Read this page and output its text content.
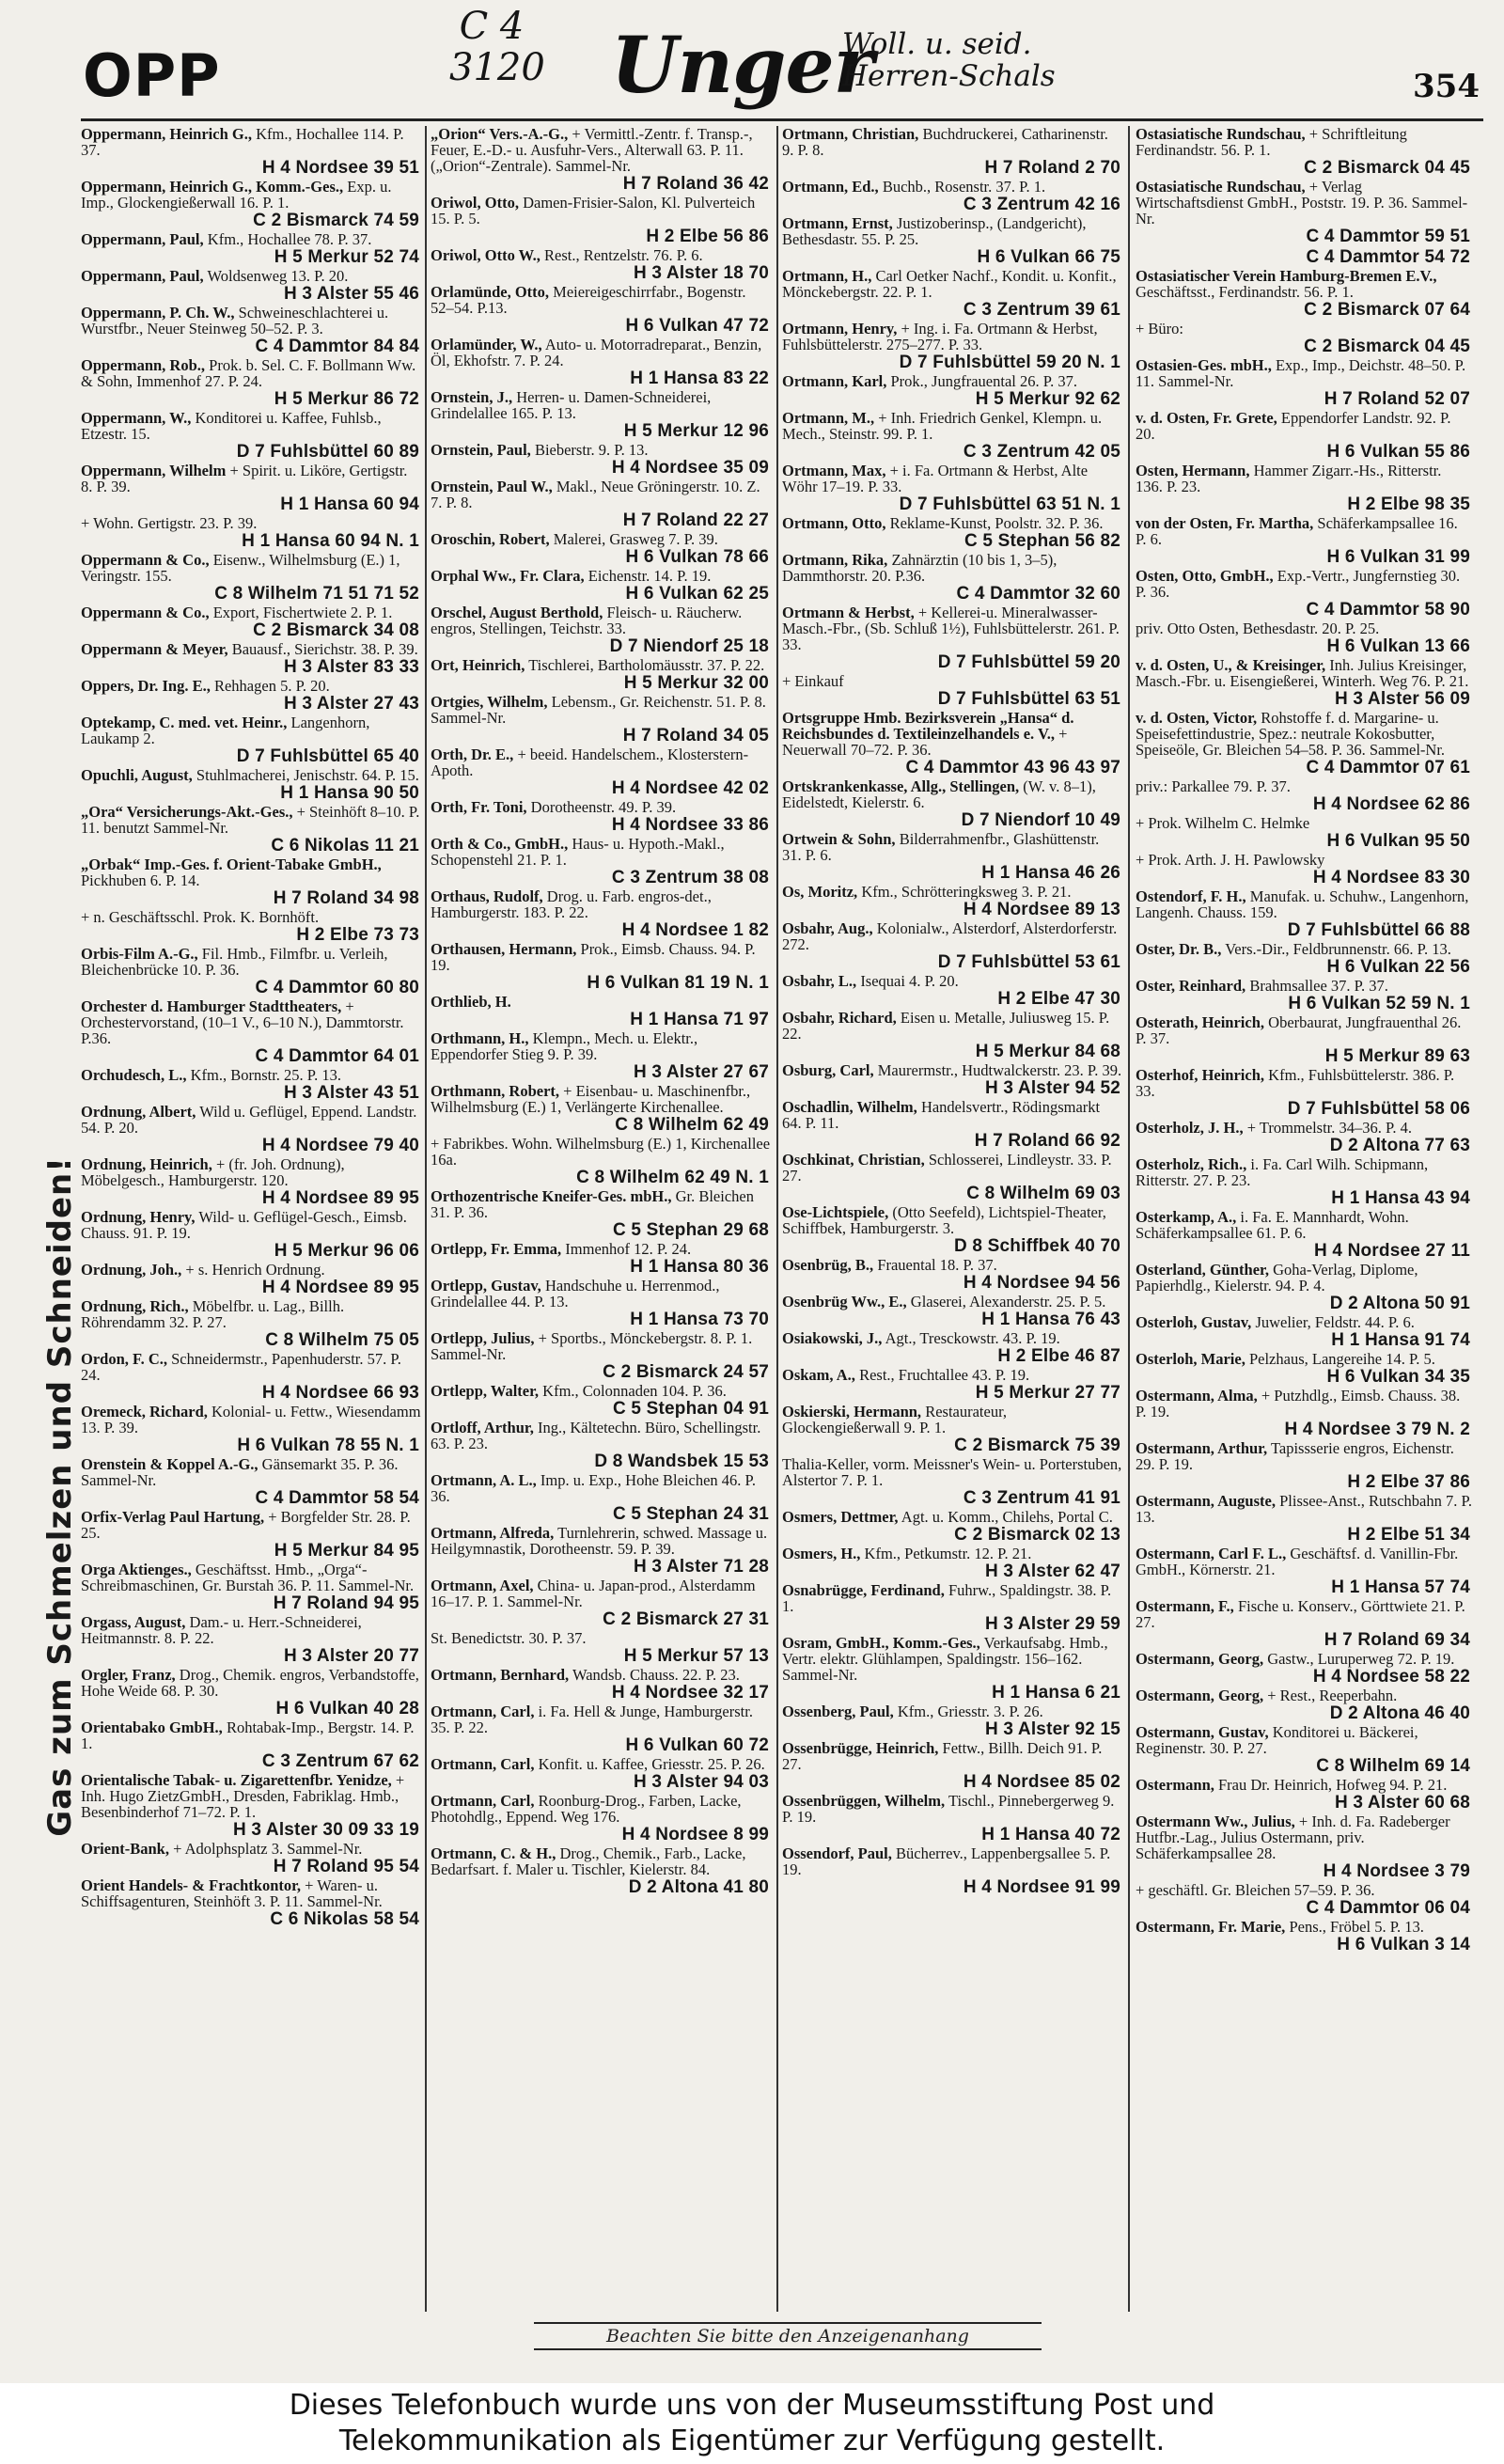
OPP
C 4
3120 Unger
Woll. u. seid.
Herren-Schals	354
Gas zum Schmelzen und Schneiden!
Oppermann, Heinrich G., Kfm., Hochallee 114. P. 37.
H 4 Nordsee 39 51
Oppermann, Heinrich G., Komm.-Ges., Exp. u. Imp., Glockengießerwall 16. P. 1.
C 2 Bismarck 74 59
Oppermann, Paul, Kfm., Hochallee 78. P. 37.
H 5 Merkur 52 74
Oppermann, Paul, Woldsenweg 13. P. 20.
H 3 Alster 55 46
Oppermann, P. Ch. W., Schweineschlachterei u. Wurstfbr., Neuer Steinweg 50–52. P. 3.
C 4 Dammtor 84 84
Oppermann, Rob., Prok. b. Sel. C. F. Bollmann Ww. & Sohn, Immenhof 27. P. 24.
H 5 Merkur 86 72
Oppermann, W., Konditorei u. Kaffee, Fuhlsb., Etzestr. 15.
D 7 Fuhlsbüttel 60 89
Oppermann, Wilhelm + Spirit. u. Liköre, Gertigstr. 8. P. 39.
H 1 Hansa 60 94
+ Wohn. Gertigstr. 23. P. 39.
H 1 Hansa 60 94 N. 1
Oppermann & Co., Eisenw., Wilhelmsburg (E.) 1, Veringstr. 155.
C 8 Wilhelm 71 51 71 52
Oppermann & Co., Export, Fischertwiete 2. P. 1.
C 2 Bismarck 34 08
Oppermann & Meyer, Bauausf., Sierichstr. 38. P. 39.
H 3 Alster 83 33
Oppers, Dr. Ing. E., Rehhagen 5. P. 20.
H 3 Alster 27 43
Optekamp, C. med. vet. Heinr., Langenhorn, Laukamp 2.
D 7 Fuhlsbüttel 65 40
Opuchli, August, Stuhlmacherei, Jenischstr. 64. P. 15.
H 1 Hansa 90 50
„Ora“ Versicherungs-Akt.-Ges., + Steinhöft 8–10. P. 11. benutzt Sammel-Nr.
C 6 Nikolas 11 21
„Orbak“ Imp.-Ges. f. Orient-Tabake GmbH., Pickhuben 6. P. 14.
H 7 Roland 34 98
+ n. Geschäftsschl. Prok. K. Bornhöft.
H 2 Elbe 73 73
Orbis-Film A.-G., Fil. Hmb., Filmfbr. u. Verleih, Bleichenbrücke 10. P. 36.
C 4 Dammtor 60 80
Orchester d. Hamburger Stadttheaters, + Orchestervorstand, (10–1 V., 6–10 N.), Dammtorstr. P.36.
C 4 Dammtor 64 01
Orchudesch, L., Kfm., Bornstr. 25. P. 13.
H 3 Alster 43 51
Ordnung, Albert, Wild u. Geflügel, Eppend. Landstr. 54. P. 20.
H 4 Nordsee 79 40
Ordnung, Heinrich, + (fr. Joh. Ordnung), Möbelgesch., Hamburgerstr. 120.
H 4 Nordsee 89 95
Ordnung, Henry, Wild- u. Geflügel-Gesch., Eimsb. Chauss. 91. P. 19.
H 5 Merkur 96 06
Ordnung, Joh., + s. Henrich Ordnung.
H 4 Nordsee 89 95
Ordnung, Rich., Möbelfbr. u. Lag., Billh. Röhrendamm 32. P. 27.
C 8 Wilhelm 75 05
Ordon, F. C., Schneidermstr., Papenhuderstr. 57. P. 24.
H 4 Nordsee 66 93
Oremeck, Richard, Kolonial- u. Fettw., Wiesendamm 13. P. 39.
H 6 Vulkan 78 55 N. 1
Orenstein & Koppel A.-G., Gänsemarkt 35. P. 36. Sammel-Nr.
C 4 Dammtor 58 54
Orfix-Verlag Paul Hartung, + Borgfelder Str. 28. P. 25.
H 5 Merkur 84 95
Orga Aktienges., Geschäftsst. Hmb., „Orga“-Schreibmaschinen, Gr. Burstah 36. P. 11. Sammel-Nr.
H 7 Roland 94 95
Orgass, August, Dam.- u. Herr.-Schneiderei, Heitmannstr. 8. P. 22.
H 3 Alster 20 77
Orgler, Franz, Drog., Chemik. engros, Verbandstoffe, Hohe Weide 68. P. 30.
H 6 Vulkan 40 28
Orientabako GmbH., Rohtabak-Imp., Bergstr. 14. P. 1.
C 3 Zentrum 67 62
Orientalische Tabak- u. Zigarettenfbr. Yenidze, + Inh. Hugo ZietzGmbH., Dresden, Fabriklag. Hmb., Besenbinderhof 71–72. P. 1.
H 3 Alster 30 09 33 19
Orient-Bank, + Adolphsplatz 3. Sammel-Nr.
H 7 Roland 95 54
Orient Handels- & Frachtkontor, + Waren- u. Schiffsagenturen, Steinhöft 3. P. 11. Sammel-Nr.
C 6 Nikolas 58 54
„Orion“ Vers.-A.-G., + Vermittl.-Zentr. f. Transp.-, Feuer, E.-D.- u. Ausfuhr-Vers., Alterwall 63. P. 11. („Orion“-Zentrale). Sammel-Nr.
H 7 Roland 36 42
Oriwol, Otto, Damen-Frisier-Salon, Kl. Pulverteich 15. P. 5.
H 2 Elbe 56 86
Oriwol, Otto W., Rest., Rentzelstr. 76. P. 6.
H 3 Alster 18 70
Orlamünde, Otto, Meiereigeschirrfabr., Bogenstr. 52–54. P.13.
H 6 Vulkan 47 72
Orlamünder, W., Auto- u. Motorradreparat., Benzin, Öl, Ekhofstr. 7. P. 24.
H 1 Hansa 83 22
Ornstein, J., Herren- u. Damen-Schneiderei, Grindelallee 165. P. 13.
H 5 Merkur 12 96
Ornstein, Paul, Bieberstr. 9. P. 13.
H 4 Nordsee 35 09
Ornstein, Paul W., Makl., Neue Gröningerstr. 10. Z. 7. P. 8.
H 7 Roland 22 27
Oroschin, Robert, Malerei, Grasweg 7. P. 39.
H 6 Vulkan 78 66
Orphal Ww., Fr. Clara, Eichenstr. 14. P. 19.
H 6 Vulkan 62 25
Orschel, August Berthold, Fleisch- u. Räucherw. engros, Stellingen, Teichstr. 33.
D 7 Niendorf 25 18
Ort, Heinrich, Tischlerei, Bartholomäusstr. 37. P. 22.
H 5 Merkur 32 00
Ortgies, Wilhelm, Lebensm., Gr. Reichenstr. 51. P. 8. Sammel-Nr.
H 7 Roland 34 05
Orth, Dr. E., + beeid. Handelschem., Klosterstern-Apoth.
H 4 Nordsee 42 02
Orth, Fr. Toni, Dorotheenstr. 49. P. 39.
H 4 Nordsee 33 86
Orth & Co., GmbH., Haus- u. Hypoth.-Makl., Schopenstehl 21. P. 1.
C 3 Zentrum 38 08
Orthaus, Rudolf, Drog. u. Farb. engros-det., Hamburgerstr. 183. P. 22.
H 4 Nordsee 1 82
Orthausen, Hermann, Prok., Eimsb. Chauss. 94. P. 19.
H 6 Vulkan 81 19 N. 1
Orthlieb, H.
H 1 Hansa 71 97
Orthmann, H., Klempn., Mech. u. Elektr., Eppendorfer Stieg 9. P. 39.
H 3 Alster 27 67
Orthmann, Robert, + Eisenbau- u. Maschinenfbr., Wilhelmsburg (E.) 1, Verlängerte Kirchenallee.
C 8 Wilhelm 62 49
+ Fabrikbes. Wohn. Wilhelmsburg (E.) 1, Kirchenallee 16a.
C 8 Wilhelm 62 49 N. 1
Orthozentrische Kneifer-Ges. mbH., Gr. Bleichen 31. P. 36.
C 5 Stephan 29 68
Ortlepp, Fr. Emma, Immenhof 12. P. 24.
H 1 Hansa 80 36
Ortlepp, Gustav, Handschuhe u. Herrenmod., Grindelallee 44. P. 13.
H 1 Hansa 73 70
Ortlepp, Julius, + Sportbs., Mönckebergstr. 8. P. 1. Sammel-Nr.
C 2 Bismarck 24 57
Ortlepp, Walter, Kfm., Colonnaden 104. P. 36.
C 5 Stephan 04 91
Ortloff, Arthur, Ing., Kältetechn. Büro, Schellingstr. 63. P. 23.
D 8 Wandsbek 15 53
Ortmann, A. L., Imp. u. Exp., Hohe Bleichen 46. P. 36.
C 5 Stephan 24 31
Ortmann, Alfreda, Turnlehrerin, schwed. Massage u. Heilgymnastik, Dorotheenstr. 59. P. 39.
H 3 Alster 71 28
Ortmann, Axel, China- u. Japan-prod., Alsterdamm 16–17. P. 1. Sammel-Nr.
C 2 Bismarck 27 31
St. Benedictstr. 30. P. 37.
H 5 Merkur 57 13
Ortmann, Bernhard, Wandsb. Chauss. 22. P. 23.
H 4 Nordsee 32 17
Ortmann, Carl, i. Fa. Hell & Junge, Hamburgerstr. 35. P. 22.
H 6 Vulkan 60 72
Ortmann, Carl, Konfit. u. Kaffee, Griesstr. 25. P. 26.
H 3 Alster 94 03
Ortmann, Carl, Roonburg-Drog., Farben, Lacke, Photohdlg., Eppend. Weg 176.
H 4 Nordsee 8 99
Ortmann, C. & H., Drog., Chemik., Farb., Lacke, Bedarfsart. f. Maler u. Tischler, Kielerstr. 84.
D 2 Altona 41 80
Ortmann, Christian, Buchdruckerei, Catharinenstr. 9. P. 8.
H 7 Roland 2 70
Ortmann, Ed., Buchb., Rosenstr. 37. P. 1.
C 3 Zentrum 42 16
Ortmann, Ernst, Justizoberinsp., (Landgericht), Bethesdastr. 55. P. 25.
H 6 Vulkan 66 75
Ortmann, H., Carl Oetker Nachf., Kondit. u. Konfit., Mönckebergstr. 22. P. 1.
C 3 Zentrum 39 61
Ortmann, Henry, + Ing. i. Fa. Ortmann & Herbst, Fuhlsbüttelerstr. 275–277. P. 33.
D 7 Fuhlsbüttel 59 20 N. 1
Ortmann, Karl, Prok., Jungfrauental 26. P. 37.
H 5 Merkur 92 62
Ortmann, M., + Inh. Friedrich Genkel, Klempn. u. Mech., Steinstr. 99. P. 1.
C 3 Zentrum 42 05
Ortmann, Max, + i. Fa. Ortmann & Herbst, Alte Wöhr 17–19. P. 33.
D 7 Fuhlsbüttel 63 51 N. 1
Ortmann, Otto, Reklame-Kunst, Poolstr. 32. P. 36.
C 5 Stephan 56 82
Ortmann, Rika, Zahnärztin (10 bis 1, 3–5), Dammthorstr. 20. P.36.
C 4 Dammtor 32 60
Ortmann & Herbst, + Kellerei-u. Mineralwasser-Masch.-Fbr., (Sb. Schluß 1½), Fuhlsbüttelerstr. 261. P. 33.
D 7 Fuhlsbüttel 59 20
+ Einkauf
D 7 Fuhlsbüttel 63 51
Ortsgruppe Hmb. Bezirksverein „Hansa“ d. Reichsbundes d. Textileinzelhandels e. V., + Neuerwall 70–72. P. 36.
C 4 Dammtor 43 96 43 97
Ortskrankenkasse, Allg., Stellingen, (W. v. 8–1), Eidelstedt, Kielerstr. 6.
D 7 Niendorf 10 49
Ortwein & Sohn, Bilderrahmenfbr., Glashüttenstr. 31. P. 6.
H 1 Hansa 46 26
Os, Moritz, Kfm., Schrötteringksweg 3. P. 21.
H 4 Nordsee 89 13
Osbahr, Aug., Kolonialw., Alsterdorf, Alsterdorferstr. 272.
D 7 Fuhlsbüttel 53 61
Osbahr, L., Isequai 4. P. 20.
H 2 Elbe 47 30
Osbahr, Richard, Eisen u. Metalle, Juliusweg 15. P. 22.
H 5 Merkur 84 68
Osburg, Carl, Maurermstr., Hudtwalckerstr. 23. P. 39.
H 3 Alster 94 52
Oschadlin, Wilhelm, Handelsvertr., Rödingsmarkt 64. P. 11.
H 7 Roland 66 92
Oschkinat, Christian, Schlosserei, Lindleystr. 33. P. 27.
C 8 Wilhelm 69 03
Ose-Lichtspiele, (Otto Seefeld), Lichtspiel-Theater, Schiffbek, Hamburgerstr. 3.
D 8 Schiffbek 40 70
Osenbrüg, B., Frauental 18. P. 37.
H 4 Nordsee 94 56
Osenbrüg Ww., E., Glaserei, Alexanderstr. 25. P. 5.
H 1 Hansa 76 43
Osiakowski, J., Agt., Tresckowstr. 43. P. 19.
H 2 Elbe 46 87
Oskam, A., Rest., Fruchtallee 43. P. 19.
H 5 Merkur 27 77
Oskierski, Hermann, Restaurateur, Glockengießerwall 9. P. 1.
C 2 Bismarck 75 39
Thalia-Keller, vorm. Meissner's Wein- u. Porterstuben, Alstertor 7. P. 1.
C 3 Zentrum 41 91
Osmers, Dettmer, Agt. u. Komm., Chilehs, Portal C.
C 2 Bismarck 02 13
Osmers, H., Kfm., Petkumstr. 12. P. 21.
H 3 Alster 62 47
Osnabrügge, Ferdinand, Fuhrw., Spaldingstr. 38. P. 1.
H 3 Alster 29 59
Osram, GmbH., Komm.-Ges., Verkaufsabg. Hmb., Vertr. elektr. Glühlampen, Spaldingstr. 156–162. Sammel-Nr.
H 1 Hansa 6 21
Ossenberg, Paul, Kfm., Griesstr. 3. P. 26.
H 3 Alster 92 15
Ossenbrügge, Heinrich, Fettw., Billh. Deich 91. P. 27.
H 4 Nordsee 85 02
Ossenbrüggen, Wilhelm, Tischl., Pinnebergerweg 9. P. 19.
H 1 Hansa 40 72
Ossendorf, Paul, Bücherrev., Lappenbergsallee 5. P. 19.
H 4 Nordsee 91 99
Ostasiatische Rundschau, + Schriftleitung Ferdinandstr. 56. P. 1.
C 2 Bismarck 04 45
Ostasiatische Rundschau, + Verlag Wirtschaftsdienst GmbH., Poststr. 19. P. 36. Sammel-Nr.
C 4 Dammtor 59 51
C 4 Dammtor 54 72
Ostasiatischer Verein Hamburg-Bremen E.V., Geschäftsst., Ferdinandstr. 56. P. 1.
C 2 Bismarck 07 64
+ Büro:
C 2 Bismarck 04 45
Ostasien-Ges. mbH., Exp., Imp., Deichstr. 48–50. P. 11. Sammel-Nr.
H 7 Roland 52 07
v. d. Osten, Fr. Grete, Eppendorfer Landstr. 92. P. 20.
H 6 Vulkan 55 86
Osten, Hermann, Hammer Zigarr.-Hs., Ritterstr. 136. P. 23.
H 2 Elbe 98 35
von der Osten, Fr. Martha, Schäferkampsallee 16. P. 6.
H 6 Vulkan 31 99
Osten, Otto, GmbH., Exp.-Vertr., Jungfernstieg 30. P. 36.
C 4 Dammtor 58 90
priv. Otto Osten, Bethesdastr. 20. P. 25.
H 6 Vulkan 13 66
v. d. Osten, U., & Kreisinger, Inh. Julius Kreisinger, Masch.-Fbr. u. Eisengießerei, Winterh. Weg 76. P. 21.
H 3 Alster 56 09
v. d. Osten, Victor, Rohstoffe f. d. Margarine- u. Speisefettindustrie, Spez.: neutrale Kokosbutter, Speiseöle, Gr. Bleichen 54–58. P. 36. Sammel-Nr.
C 4 Dammtor 07 61
priv.: Parkallee 79. P. 37.
H 4 Nordsee 62 86
+ Prok. Wilhelm C. Helmke
H 6 Vulkan 95 50
+ Prok. Arth. J. H. Pawlowsky
H 4 Nordsee 83 30
Ostendorf, F. H., Manufak. u. Schuhw., Langenhorn, Langenh. Chauss. 159.
D 7 Fuhlsbüttel 66 88
Oster, Dr. B., Vers.-Dir., Feldbrunnenstr. 66. P. 13.
H 6 Vulkan 22 56
Oster, Reinhard, Brahmsallee 37. P. 37.
H 6 Vulkan 52 59 N. 1
Osterath, Heinrich, Oberbaurat, Jungfrauenthal 26. P. 37.
H 5 Merkur 89 63
Osterhof, Heinrich, Kfm., Fuhlsbüttelerstr. 386. P. 33.
D 7 Fuhlsbüttel 58 06
Osterholz, J. H., + Trommelstr. 34–36. P. 4.
D 2 Altona 77 63
Osterholz, Rich., i. Fa. Carl Wilh. Schipmann, Ritterstr. 27. P. 23.
H 1 Hansa 43 94
Osterkamp, A., i. Fa. E. Mannhardt, Wohn. Schäferkampsallee 61. P. 6.
H 4 Nordsee 27 11
Osterland, Günther, Goha-Verlag, Diplome, Papierhdlg., Kielerstr. 94. P. 4.
D 2 Altona 50 91
Osterloh, Gustav, Juwelier, Feldstr. 44. P. 6.
H 1 Hansa 91 74
Osterloh, Marie, Pelzhaus, Langereihe 14. P. 5.
H 6 Vulkan 34 35
Ostermann, Alma, + Putzhdlg., Eimsb. Chauss. 38. P. 19.
H 4 Nordsee 3 79 N. 2
Ostermann, Arthur, Tapissserie engros, Eichenstr. 29. P. 19.
H 2 Elbe 37 86
Ostermann, Auguste, Plissee-Anst., Rutschbahn 7. P. 13.
H 2 Elbe 51 34
Ostermann, Carl F. L., Geschäftsf. d. Vanillin-Fbr. GmbH., Körnerstr. 21.
H 1 Hansa 57 74
Ostermann, F., Fische u. Konserv., Görttwiete 21. P. 27.
H 7 Roland 69 34
Ostermann, Georg, Gastw., Luruperweg 72. P. 19.
H 4 Nordsee 58 22
Ostermann, Georg, + Rest., Reeperbahn.
D 2 Altona 46 40
Ostermann, Gustav, Konditorei u. Bäckerei, Reginenstr. 30. P. 27.
C 8 Wilhelm 69 14
Ostermann, Frau Dr. Heinrich, Hofweg 94. P. 21.
H 3 Alster 60 68
Ostermann Ww., Julius, + Inh. d. Fa. Radeberger Hutfbr.-Lag., Julius Ostermann, priv. Schäferkampsallee 28.
H 4 Nordsee 3 79
+ geschäftl. Gr. Bleichen 57–59. P. 36.
C 4 Dammtor 06 04
Ostermann, Fr. Marie, Pens., Fröbel 5. P. 13.
H 6 Vulkan 3 14
Beachten Sie bitte den Anzeigenanhang
Dieses Telefonbuch wurde uns von der Museumsstiftung Post und
Telekommunikation als Eigentümer zur Verfügung gestellt.
